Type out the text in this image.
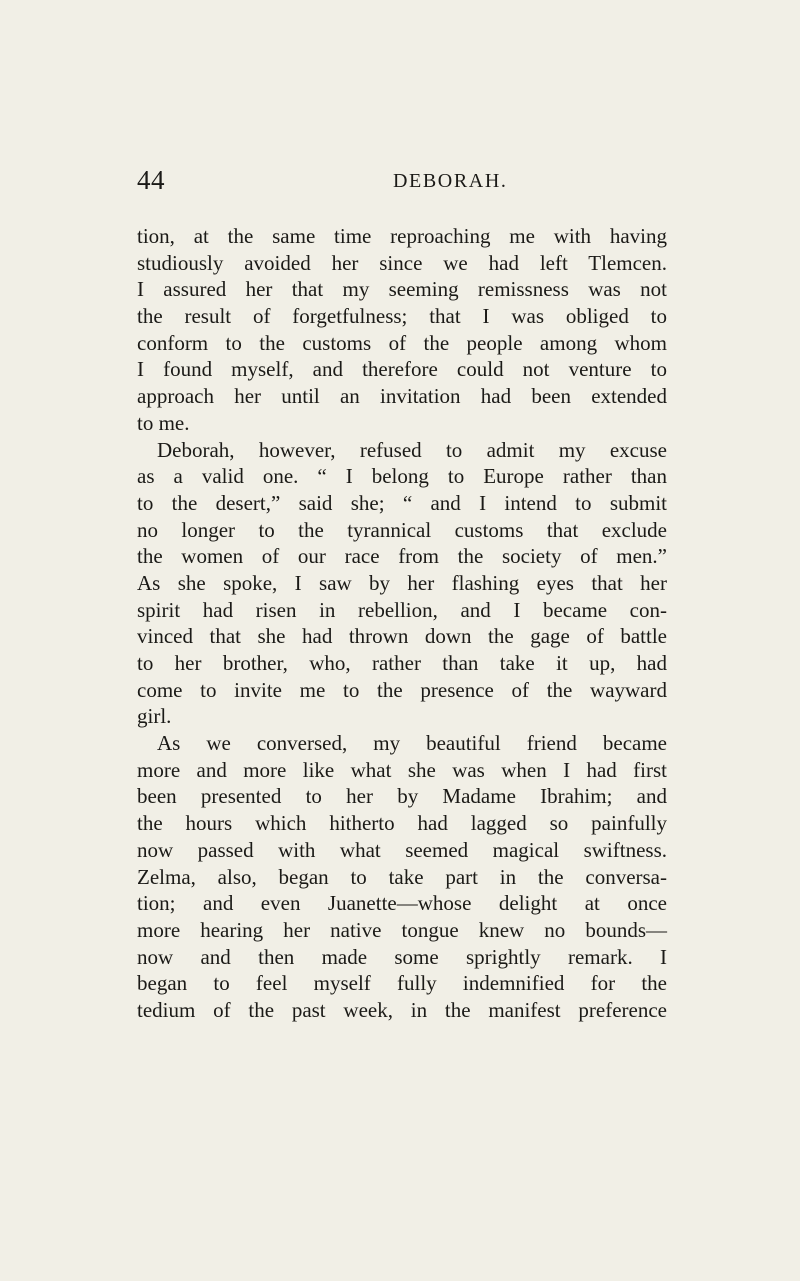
44	DEBORAH.
tion, at the same time reproaching me with having
studiously avoided her since we had left Tlemcen.
I assured her that my seeming remissness was not
the result of forgetfulness; that I was obliged to
conform to the customs of the people among whom
I found myself, and therefore could not venture to
approach her until an invitation had been extended
to me.
Deborah, however, refused to admit my excuse
as a valid one. “ I belong to Europe rather than
to the desert,” said she; “ and I intend to submit
no longer to the tyrannical customs that exclude
the women of our race from the society of men.”
As she spoke, I saw by her flashing eyes that her
spirit had risen in rebellion, and I became con-
vinced that she had thrown down the gage of battle
to her brother, who, rather than take it up, had
come to invite me to the presence of the wayward
girl.
As we conversed, my beautiful friend became
more and more like what she was when I had first
been presented to her by Madame Ibrahim; and
the hours which hitherto had lagged so painfully
now passed with what seemed magical swiftness.
Zelma, also, began to take part in the conversa-
tion; and even Juanette—whose delight at once
more hearing her native tongue knew no bounds—
now and then made some sprightly remark. I
began to feel myself fully indemnified for the
tedium of the past week, in the manifest preference
